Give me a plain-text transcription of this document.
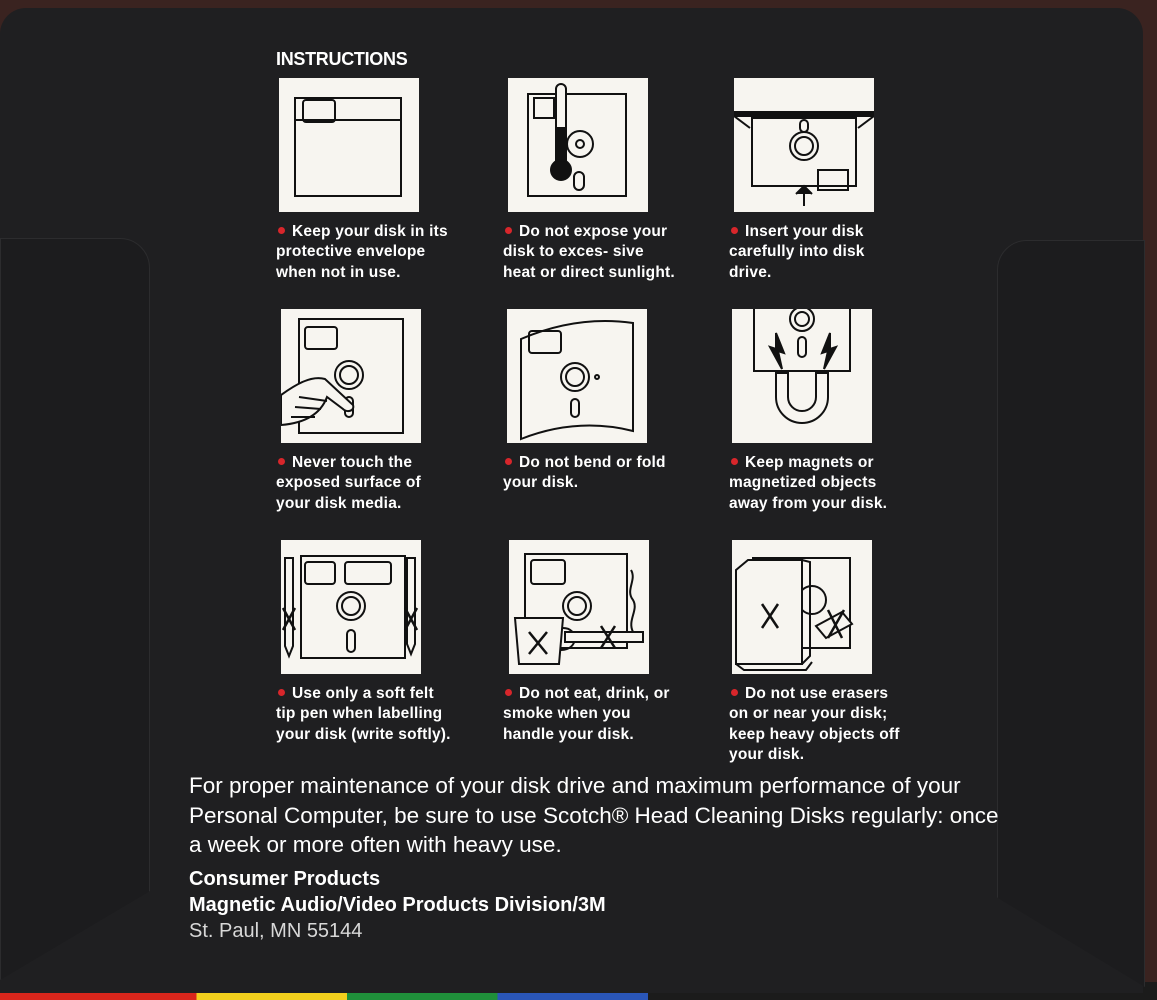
INSTRUCTIONS
Keep your disk in its protective envelope when not in use.
Do not expose your disk to exces- sive heat or direct sunlight.
Insert your disk carefully into disk drive.
Never touch the exposed surface of your disk media.
Do not bend or fold your disk.
Keep magnets or magnetized objects away from your disk.
Use only a soft felt tip pen when labelling your disk (write softly).
Do not eat, drink, or smoke when you handle your disk.
Do not use erasers on or near your disk; keep heavy objects off your disk.
For proper maintenance of your disk drive and maximum performance of your Personal Computer, be sure to use Scotch® Head Cleaning Disks regularly: once a week or more often with heavy use.
Consumer Products
Magnetic Audio/Video Products Division/3M
St. Paul, MN 55144
